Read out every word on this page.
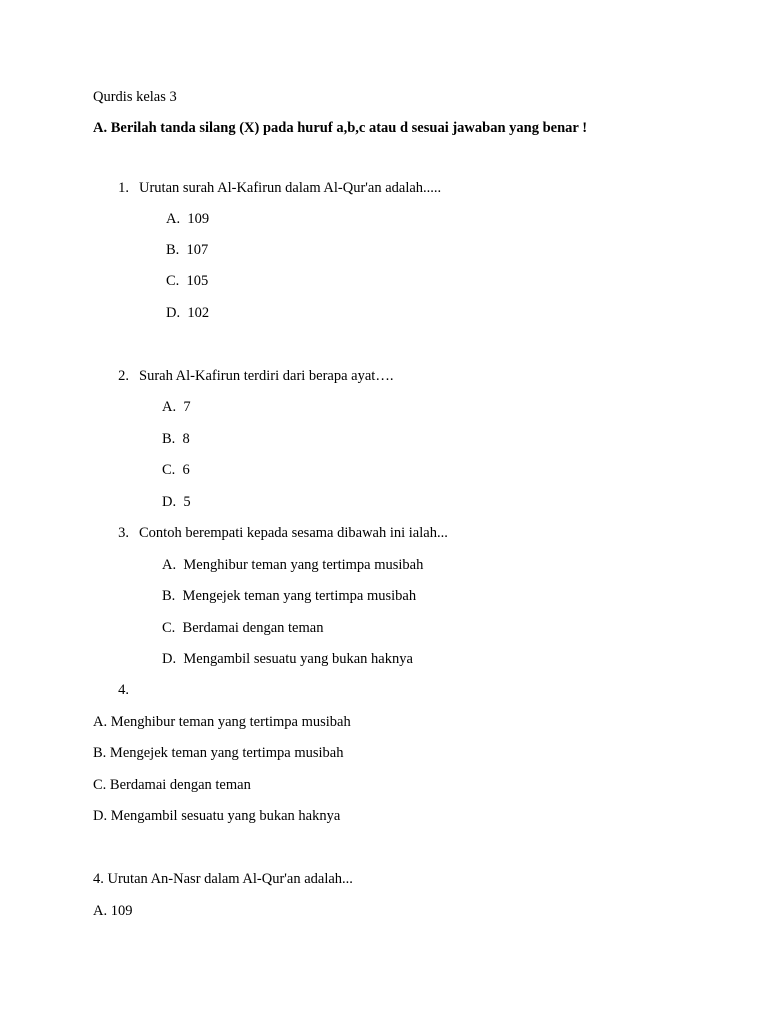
Qurdis kelas 3
A. Berilah tanda silang (X) pada huruf a,b,c atau d sesuai jawaban yang benar !
1. Urutan surah Al-Kafirun dalam Al-Qur'an adalah.....
A. 109
B. 107
C. 105
D. 102
2. Surah Al-Kafirun terdiri dari berapa ayat….
A. 7
B. 8
C. 6
D. 5
3. Contoh berempati kepada sesama dibawah ini ialah...
A. Menghibur teman yang tertimpa musibah
B. Mengejek teman yang tertimpa musibah
C. Berdamai dengan teman
D. Mengambil sesuatu yang bukan haknya
4.
A. Menghibur teman yang tertimpa musibah
B. Mengejek teman yang tertimpa musibah
C. Berdamai dengan teman
D. Mengambil sesuatu yang bukan haknya
4. Urutan An-Nasr dalam Al-Qur'an adalah...
A. 109
